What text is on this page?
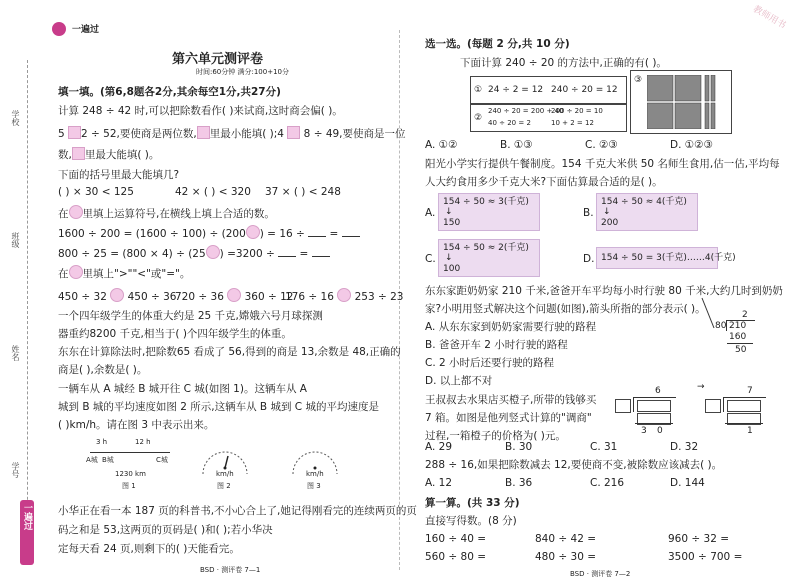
学校
班级
姓名
学号
一遍过
一遍过	教师用书
第六单元测评卷
时间:60分钟 满分:100+10分
填一填。(第6,8题各2分,其余每空1分,共27分)
计算 248 ÷ 42 时,可以把除数看作( )来试商,这时商会偏( )。
5 2 ÷ 52,要使商是两位数, 里最小能填( );4 8 ÷ 49,要使商是一位
数, 里最大能填( )。
下面的括号里最大能填几?
( ) × 30 < 125	42 × ( ) < 320 37 × ( ) < 248
在 里填上运算符号,在横线上填上合适的数。
1600 ÷ 200 = (1600 ÷ 100) ÷ (200 ) = 16 ÷ =
800 ÷ 25 = (800 × 4) ÷ (25 ) =3200 ÷ =
在 里填上">""<"或"="。
450 ÷ 32 450 ÷ 36
720 ÷ 36 360 ÷ 12
176 ÷ 16 253 ÷ 23
一个四年级学生的体重大约是 25 千克,嫦娥六号月球探测
器重约8200 千克,相当于( )个四年级学生的体重。
东东在计算除法时,把除数65 看成了 56,得到的商是 13,余数是 48,正确的
商是( ),余数是( )。
一辆车从 A 城经 B 城开往 C 城(如图 1)。这辆车从 A
城到 B 城的平均速度如图 2 所示,这辆车从 B 城到 C 城的平均速度是
( )km/h。请在图 3 中表示出来。
3 h	12 h
A城 B城	C城
1230 km
图 1
km/h
图 2
km/h
图 3
小华正在看一本 187 页的科普书,不小心合上了,她记得刚看完的连续两页的页
码之和是 53,这两页的页码是( )和( );若小华决
定每天看 24 页,则剩下的( )天能看完。
BSD · 测评卷 7—1
选一选。(每题 2 分,共 10 分)
下面计算 240 ÷ 20 的方法中,正确的有( )。
① 24 ÷ 2 = 12 240 ÷ 20 = 12
②
240 ÷ 20 = 200 + 40
200 ÷ 20 = 10
40 ÷ 20 = 2	10 + 2 = 12
③
A. ①②	B. ①③	C. ②③	D. ①②③
阳光小学实行提供午餐制度。154 千克大米供 50 名师生食用,估一估,平均每
人大约食用多少千克大米?下面估算最合适的是( )。
A.
154 ÷ 50 ≈ 3(千克)
↓
150
B.
154 ÷ 50 ≈ 4(千克)
↓
200
C.
154 ÷ 50 ≈ 2(千克)
↓
100
D. 154 ÷ 50 = 3(千克)……4(千克)
东东家距奶奶家 210 千米,爸爸开车平均每小时行驶 80 千米,大约几时到奶奶
家?小明用竖式解决这个问题(如图),箭头所指的部分表示( )。
A. 从东东家到奶奶家需要行驶的路程
B. 爸爸开车 2 小时行驶的路程
C. 2 小时后还要行驶的路程
D. 以上都不对
2
80 210
160
50
王叔叔去水果店买橙子,所带的钱够买
7 箱。如图是他列竖式计算的"调商"
过程,一箱橙子的价格为( )元。
6
3 0
→	7
1
A. 29	B. 30	C. 31	D. 32
288 ÷ 16,如果把除数减去 12,要使商不变,被除数应该减去( )。
A. 12	B. 36	C. 216	D. 144
算一算。(共 33 分)
直接写得数。(8 分)
160 ÷ 40 =	840 ÷ 42 =	960 ÷ 32 =
560 ÷ 80 =	480 ÷ 30 =	3500 ÷ 700 =
BSD · 测评卷 7—2
